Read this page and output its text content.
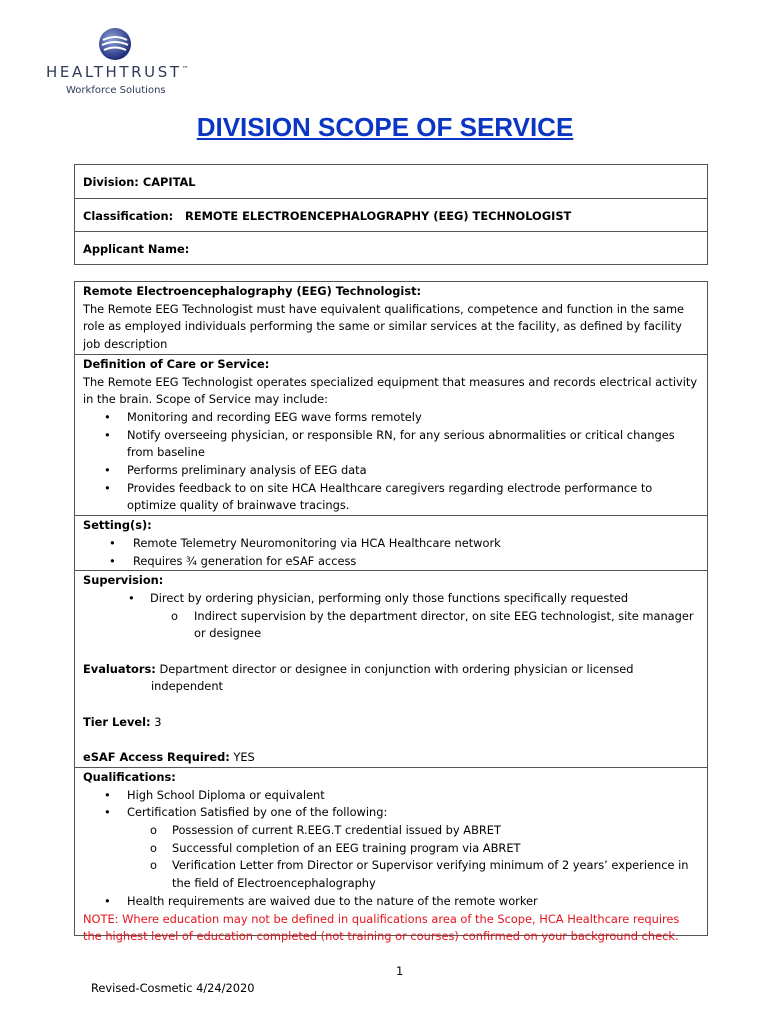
HEALTHTRUST™
Workforce Solutions
DIVISION SCOPE OF SERVICE
Division: CAPITAL
Classification: REMOTE ELECTROENCEPHALOGRAPHY (EEG) TECHNOLOGIST
Applicant Name:
Remote Electroencephalography (EEG) Technologist:
The Remote EEG Technologist must have equivalent qualifications, competence and function in the same role as employed individuals performing the same or similar services at the facility, as defined by facility job description
Definition of Care or Service:
The Remote EEG Technologist operates specialized equipment that measures and records electrical activity in the brain. Scope of Service may include:
• Monitoring and recording EEG wave forms remotely
• Notify overseeing physician, or responsible RN, for any serious abnormalities or critical changes from baseline
• Performs preliminary analysis of EEG data
• Provides feedback to on site HCA Healthcare caregivers regarding electrode performance to optimize quality of brainwave tracings.
Setting(s):
• Remote Telemetry Neuromonitoring via HCA Healthcare network
• Requires ¾ generation for eSAF access
Supervision:
• Direct by ordering physician, performing only those functions specifically requested
o Indirect supervision by the department director, on site EEG technologist, site manager or designee
Evaluators: Department director or designee in conjunction with ordering physician or licensed independent
Tier Level: 3
eSAF Access Required: YES
Qualifications:
• High School Diploma or equivalent
• Certification Satisfied by one of the following:
o Possession of current R.EEG.T credential issued by ABRET
o Successful completion of an EEG training program via ABRET
o Verification Letter from Director or Supervisor verifying minimum of 2 years’ experience in the field of Electroencephalography
• Health requirements are waived due to the nature of the remote worker
NOTE: Where education may not be defined in qualifications area of the Scope, HCA Healthcare requires the highest level of education completed (not training or courses) confirmed on your background check.
1
Revised-Cosmetic 4/24/2020
